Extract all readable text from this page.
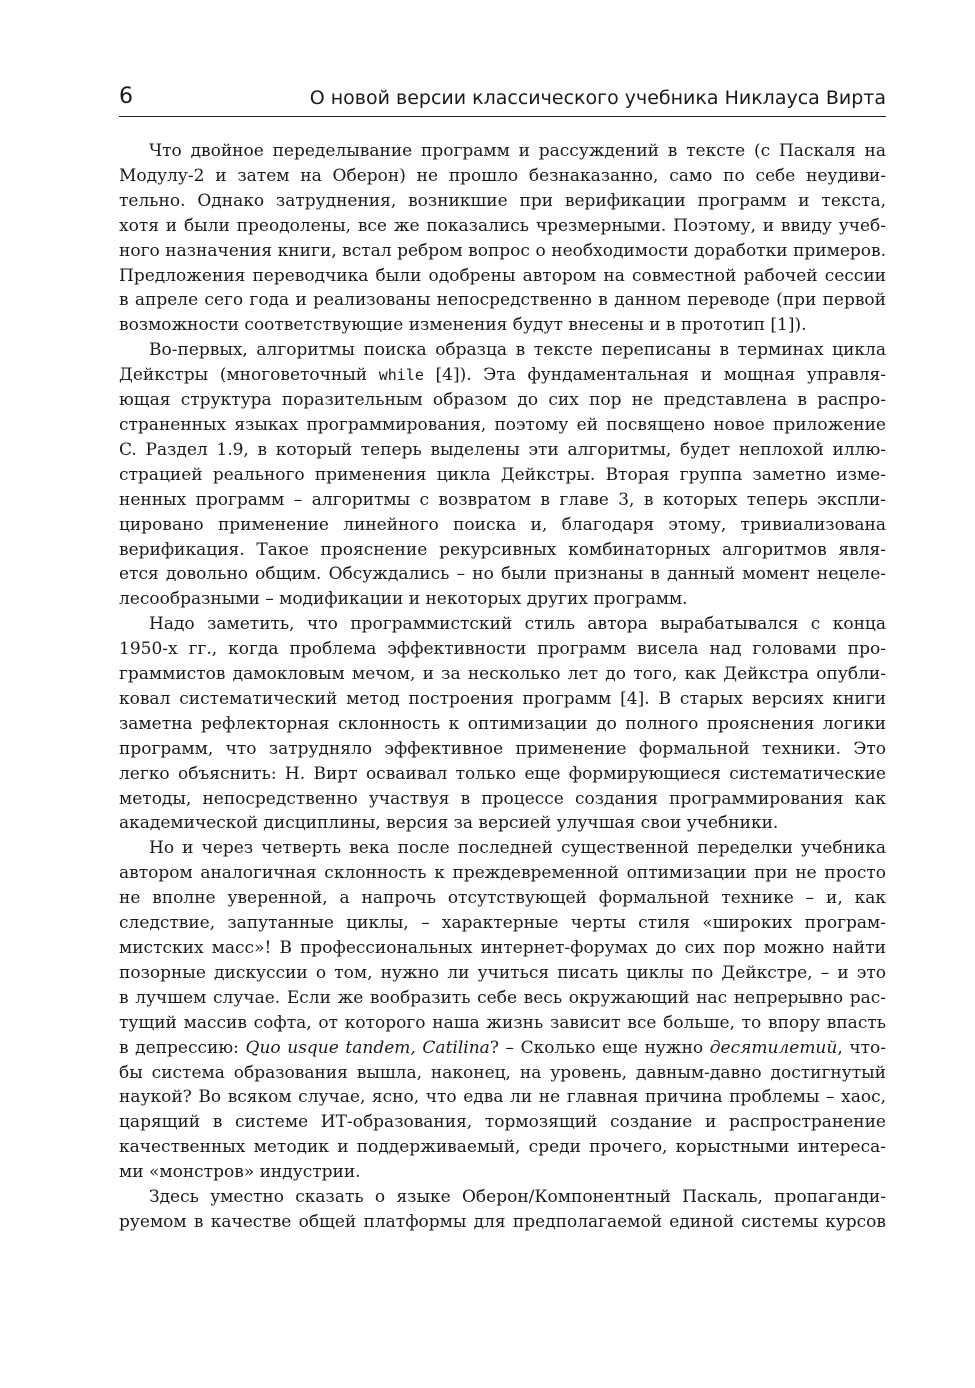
6	О новой версии классического учебника Никлауса Вирта
Что двойное переделывание программ и рассуждений в тексте (с Паскаля на
Модулу-2 и затем на Оберон) не прошло безнаказанно, само по себе неудиви-
тельно. Однако затруднения, возникшие при верификации программ и текста,
хотя и были преодолены, все же показались чрезмерными. Поэтому, и ввиду учеб-
ного назначения книги, встал ребром вопрос о необходимости доработки примеров.
Предложения переводчика были одобрены автором на совместной рабочей сессии
в апреле сего года и реализованы непосредственно в данном переводе (при первой
возможности соответствующие изменения будут внесены и в прототип [1]).
Во-первых, алгоритмы поиска образца в тексте переписаны в терминах цикла
Дейкстры (многоветочный while [4]). Эта фундаментальная и мощная управля-
ющая структура поразительным образом до сих пор не представлена в распро-
страненных языках программирования, поэтому ей посвящено новое приложение
C. Раздел 1.9, в который теперь выделены эти алгоритмы, будет неплохой иллю-
страцией реального применения цикла Дейкстры. Вторая группа заметно изме-
ненных программ – алгоритмы с возвратом в главе 3, в которых теперь экспли-
цировано применение линейного поиска и, благодаря этому, тривиализована
верификация. Такое прояснение рекурсивных комбинаторных алгоритмов явля-
ется довольно общим. Обсуждались – но были признаны в данный момент нецеле-
лесообразными – модификации и некоторых других программ.
Надо заметить, что программистский стиль автора вырабатывался с конца
1950-х гг., когда проблема эффективности программ висела над головами про-
граммистов дамокловым мечом, и за несколько лет до того, как Дейкстра опубли-
ковал систематический метод построения программ [4]. В старых версиях книги
заметна рефлекторная склонность к оптимизации до полного прояснения логики
программ, что затрудняло эффективное применение формальной техники. Это
легко объяснить: Н. Вирт осваивал только еще формирующиеся систематические
методы, непосредственно участвуя в процессе создания программирования как
академической дисциплины, версия за версией улучшая свои учебники.
Но и через четверть века после последней существенной переделки учебника
автором аналогичная склонность к преждевременной оптимизации при не просто
не вполне уверенной, а напрочь отсутствующей формальной технике – и, как
следствие, запутанные циклы, – характерные черты стиля «широких програм-
мистских масс»! В профессиональных интернет-форумах до сих пор можно найти
позорные дискуссии о том, нужно ли учиться писать циклы по Дейкстре, – и это
в лучшем случае. Если же вообразить себе весь окружающий нас непрерывно рас-
тущий массив софта, от которого наша жизнь зависит все больше, то впору впасть
в депрессию: Quo usque tandem, Catilina? – Сколько еще нужно десятилетий, что-
бы система образования вышла, наконец, на уровень, давным-давно достигнутый
наукой? Во всяком случае, ясно, что едва ли не главная причина проблемы – хаос,
царящий в системе ИТ-образования, тормозящий создание и распространение
качественных методик и поддерживаемый, среди прочего, корыстными интереса-
ми «монстров» индустрии.
Здесь уместно сказать о языке Оберон/Компонентный Паскаль, пропаганди-
руемом в качестве общей платформы для предполагаемой единой системы курсов
